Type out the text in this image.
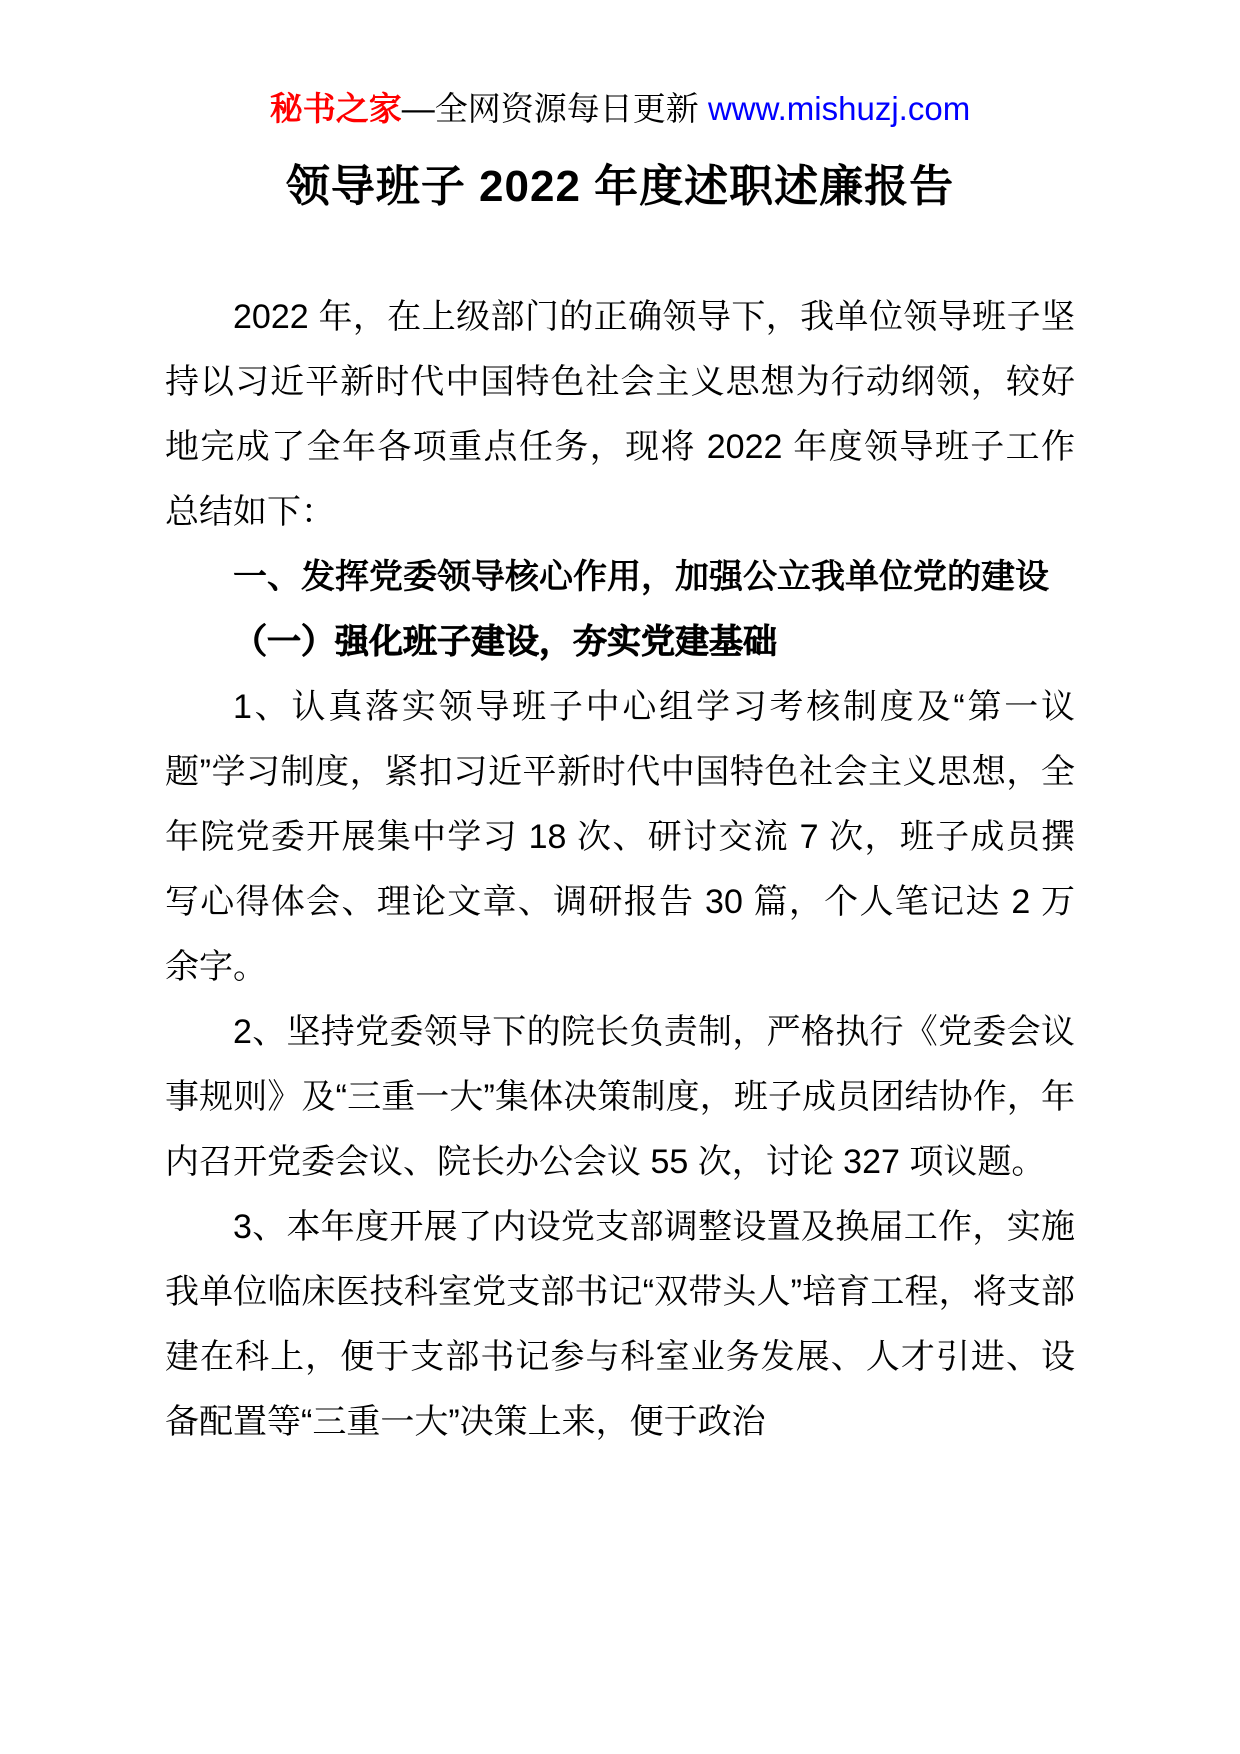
秘书之家—全网资源每日更新 www.mishuzj.com
领导班子 2022 年度述职述廉报告

2022 年，在上级部门的正确领导下，我单位领导班子坚持以习近平新时代中国特色社会主义思想为行动纲领，较好地完成了全年各项重点任务，现将 2022 年度领导班子工作总结如下：

一、发挥党委领导核心作用，加强公立我单位党的建设

（一）强化班子建设，夯实党建基础

1、认真落实领导班子中心组学习考核制度及“第一议题”学习制度，紧扣习近平新时代中国特色社会主义思想，全年院党委开展集中学习 18 次、研讨交流 7 次，班子成员撰写心得体会、理论文章、调研报告 30 篇，个人笔记达 2 万余字。

2、坚持党委领导下的院长负责制，严格执行《党委会议事规则》及“三重一大”集体决策制度，班子成员团结协作，年内召开党委会议、院长办公会议 55 次，讨论 327 项议题。

3、本年度开展了内设党支部调整设置及换届工作，实施我单位临床医技科室党支部书记“双带头人”培育工程，将支部建在科上，便于支部书记参与科室业务发展、人才引进、设备配置等“三重一大”决策上来，便于政治
